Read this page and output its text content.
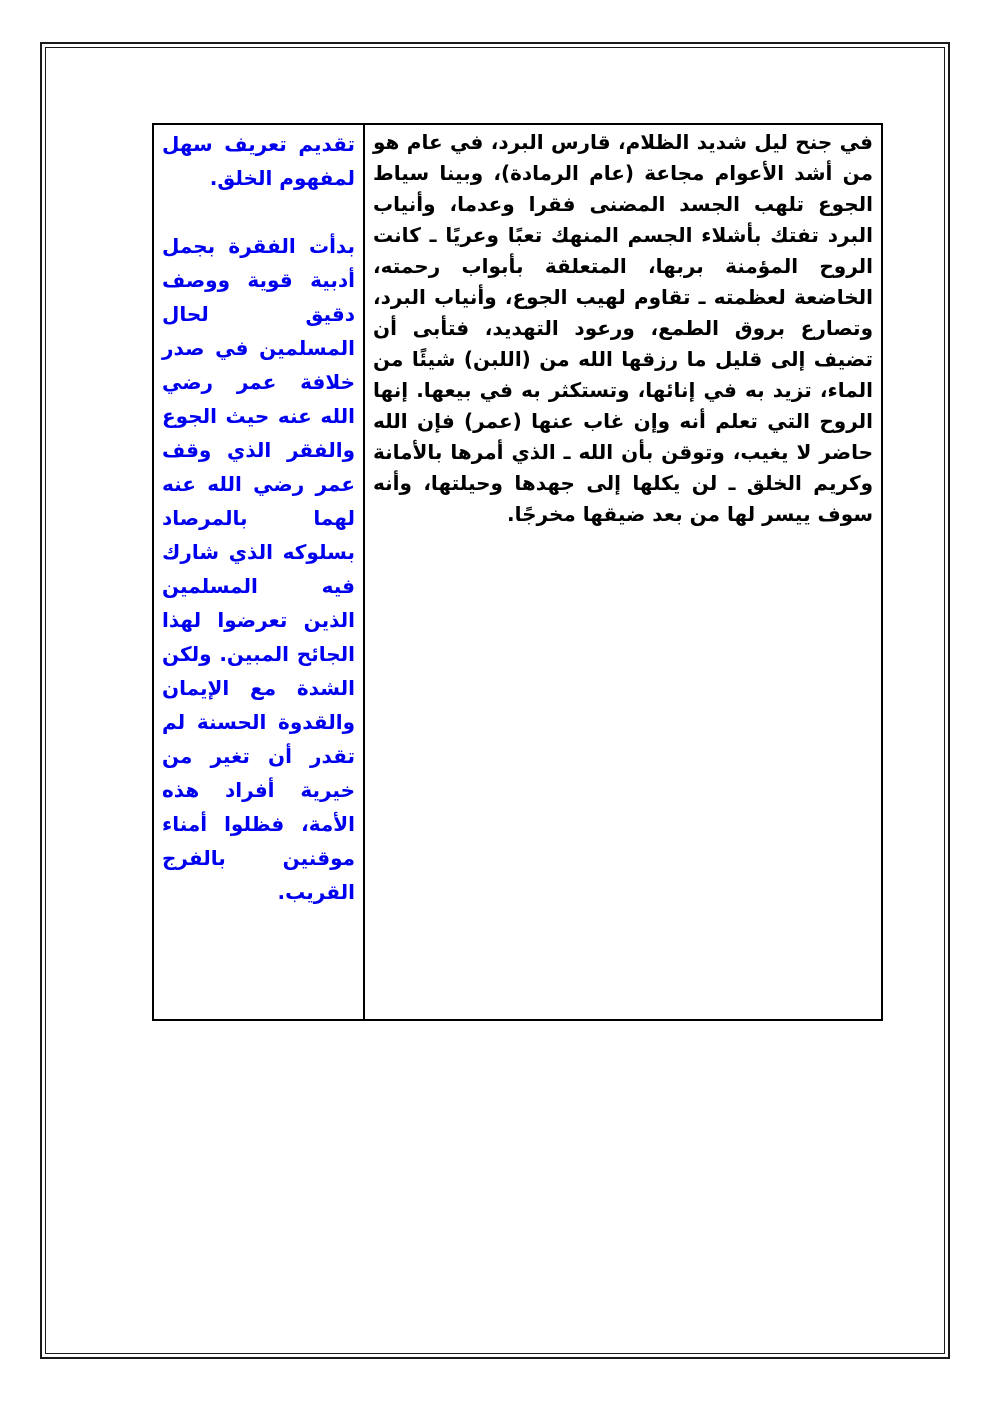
في جنح ليل شديد الظلام، قارس البرد، في عام هو من أشد الأعوام مجاعة (عام الرمادة)، وبينا سياط الجوع تلهب الجسد المضنى فقرا وعدما، وأنياب البرد تفتك بأشلاء الجسم المنهك تعبًا وعريًا ـ كانت الروح المؤمنة بربها، المتعلقة بأبواب رحمته، الخاضعة لعظمته ـ تقاوم لهيب الجوع، وأنياب البرد، وتصارع بروق الطمع، ورعود التهديد، فتأبى أن تضيف إلى قليل ما رزقها الله من (اللبن) شيئًا من الماء، تزيد به في إنائها، وتستكثر به في بيعها. إنها الروح التي تعلم أنه وإن غاب عنها (عمر) فإن الله حاضر لا يغيب، وتوقن بأن الله ـ الذي أمرها بالأمانة وكريم الخلق ـ لن يكلها إلى جهدها وحيلتها، وأنه سوف ييسر لها من بعد ضيقها مخرجًا.

تقديم تعريف سهل لمفهوم الخلق.

بدأت الفقرة بجمل أدبية قوية ووصف دقيق لحال المسلمين في صدر خلافة عمر رضي الله عنه حيث الجوع والفقر الذي وقف عمر رضي الله عنه لهما بالمرصاد بسلوكه الذي شارك فيه المسلمين الذين تعرضوا لهذا الجائح المبين. ولكن الشدة مع الإيمان والقدوة الحسنة لم تقدر أن تغير من خيرية أفراد هذه الأمة، فظلوا أمناء موقنين بالفرج القريب.
